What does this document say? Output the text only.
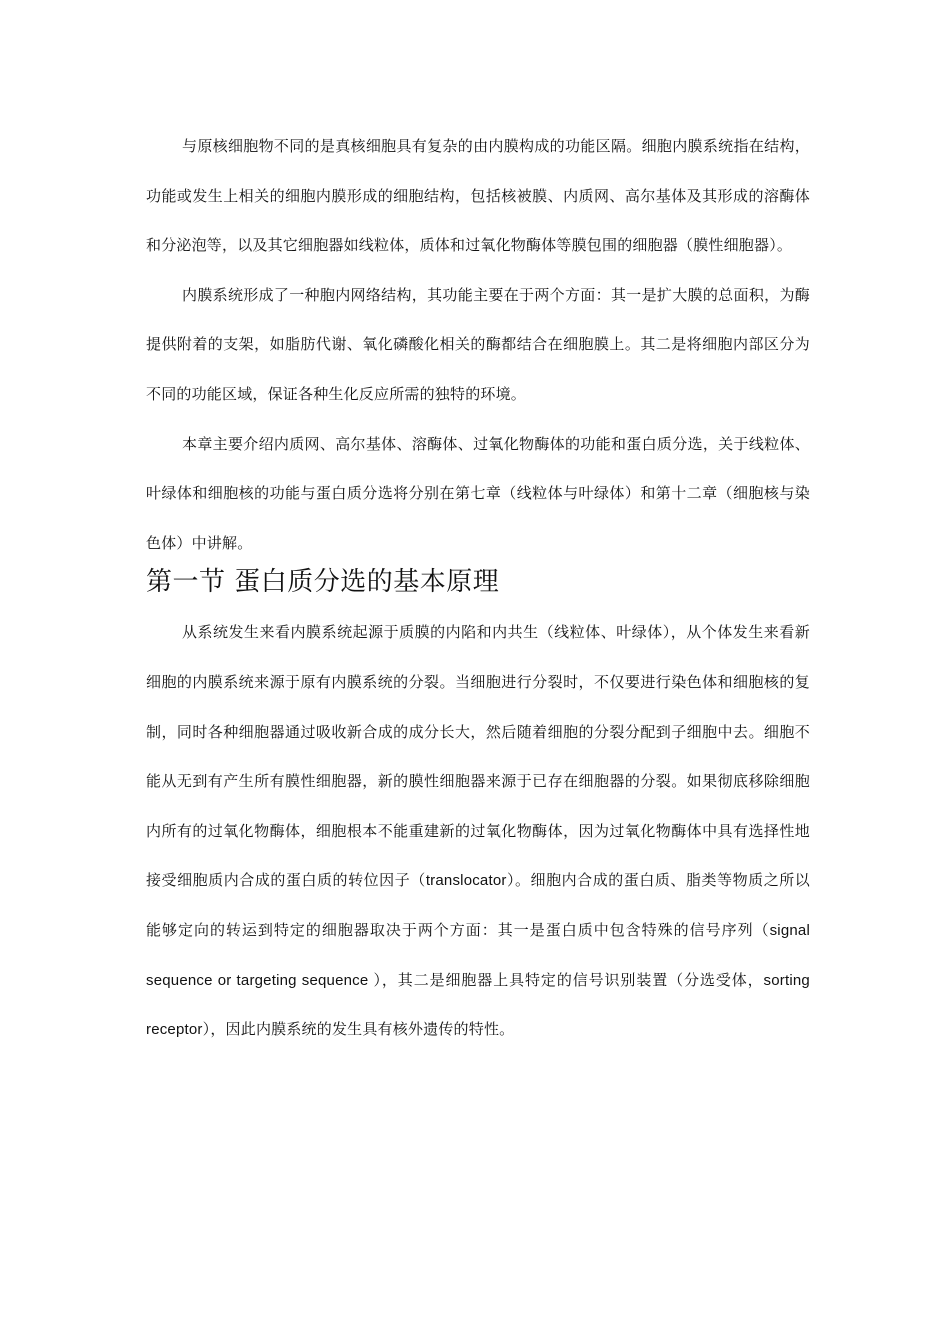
与原核细胞物不同的是真核细胞具有复杂的由内膜构成的功能区隔。细胞内膜系统指在结构，功能或发生上相关的细胞内膜形成的细胞结构，包括核被膜、内质网、高尔基体及其形成的溶酶体和分泌泡等，以及其它细胞器如线粒体，质体和过氧化物酶体等膜包围的细胞器（膜性细胞器）。

内膜系统形成了一种胞内网络结构，其功能主要在于两个方面：其一是扩大膜的总面积，为酶提供附着的支架，如脂肪代谢、氧化磷酸化相关的酶都结合在细胞膜上。其二是将细胞内部区分为不同的功能区域，保证各种生化反应所需的独特的环境。

本章主要介绍内质网、高尔基体、溶酶体、过氧化物酶体的功能和蛋白质分选，关于线粒体、叶绿体和细胞核的功能与蛋白质分选将分别在第七章（线粒体与叶绿体）和第十二章（细胞核与染色体）中讲解。

第一节 蛋白质分选的基本原理

从系统发生来看内膜系统起源于质膜的内陷和内共生（线粒体、叶绿体），从个体发生来看新细胞的内膜系统来源于原有内膜系统的分裂。当细胞进行分裂时，不仅要进行染色体和细胞核的复制，同时各种细胞器通过吸收新合成的成分长大，然后随着细胞的分裂分配到子细胞中去。细胞不能从无到有产生所有膜性细胞器，新的膜性细胞器来源于已存在细胞器的分裂。如果彻底移除细胞内所有的过氧化物酶体，细胞根本不能重建新的过氧化物酶体，因为过氧化物酶体中具有选择性地接受细胞质内合成的蛋白质的转位因子（translocator）。细胞内合成的蛋白质、脂类等物质之所以能够定向的转运到特定的细胞器取决于两个方面：其一是蛋白质中包含特殊的信号序列（signal sequence or targeting sequence ），其二是细胞器上具特定的信号识别装置（分选受体，sorting receptor），因此内膜系统的发生具有核外遗传的特性。
